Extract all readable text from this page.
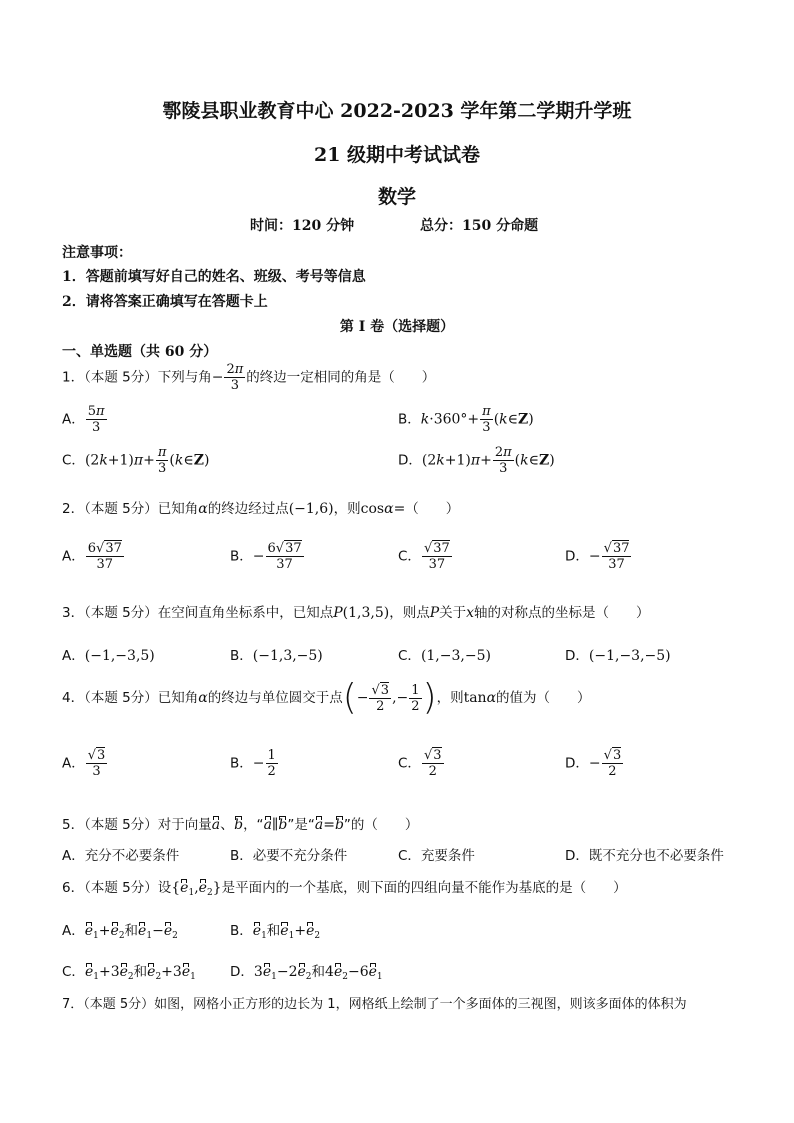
鄠陵县职业教育中心 2022-2023 学年第二学期升学班
21 级期中考试试卷
数学
时间：120 分钟	总分：150 分命题
注意事项：
1．答题前填写好自己的姓名、班级、考号等信息
2．请将答案正确填写在答题卡上
第 I 卷（选择题）
一、单选题（共 60 分）
1．（本题 5分）下列与角− $\frac{2\pi}{3}$ 的终边一定相同的角是（　　）
A． $\frac{5\pi}{3}$	B．$k\cdot 360^\circ+ \frac{\pi}{3}$ (k∈Z)
C．$(2k+1)\pi+ \frac{\pi}{3}$ (k∈Z)	D．$(2k+1)\pi+ \frac{2\pi}{3}$ (k∈Z)
2．（本题 5分）已知角α的终边经过点(−1,6)，则cosα=（　　）
A． $\frac{6√37}{37}$	B．− $\frac{6√37}{37}$	C． $\frac{√37}{37}$	D．− $\frac{√37}{37}$
3．（本题 5分）在空间直角坐标系中，已知点P(1,3,5)，则点P关于x轴的对称点的坐标是（　　）
A．(−1,−3,5)	B．(−1,3,−5)	C．(1,−3,−5)	D．(−1,−3,−5)
4．（本题 5分）已知角α的终边与单位圆交于点(− $\frac{√3}{2}$ ,− $\frac{1}{2}$ )，则tanα的值为（　　）
A． $\frac{√3}{3}$	B．− $\frac{1}{2}$	C． $\frac{√3}{2}$	D．− $\frac{√3}{2}$
5．（本题 5分）对于向量a、b，“a∥b”是“a=b”的（　　）
A．充分不必要条件	B．必要不充分条件	C．充要条件	D．既不充分也不必要条件
6．（本题 5分）设$\{e_1,e_2\}$是平面内的一个基底，则下面的四组向量不能作为基底的是（　　）
A．$e_1+e_2$和$e_1-e_2$	B．$e_1$和$e_1+e_2$
C．$e_1+3e_2$和$e_2+3e_1$	D．$3e_1-2e_2$和$4e_2-6e_1$
7．（本题 5分）如图，网格小正方形的边长为 1，网格纸上绘制了一个多面体的三视图，则该多面体的体积为
